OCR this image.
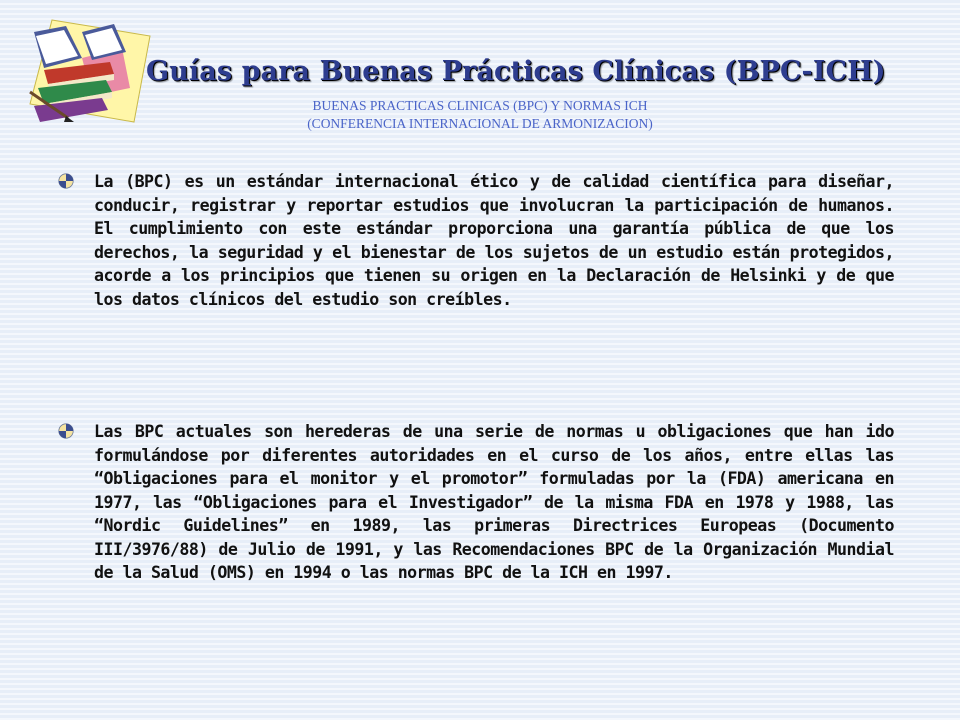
Guías para Buenas Prácticas Clínicas (BPC-ICH)
BUENAS PRACTICAS CLINICAS (BPC) Y NORMAS ICH
(CONFERENCIA INTERNACIONAL DE ARMONIZACION)

La (BPC) es un estándar internacional ético y de calidad científica para diseñar, conducir, registrar y reportar estudios que involucran la participación de humanos. El cumplimiento con este estándar proporciona una garantía pública de que los derechos, la seguridad y el bienestar de los sujetos de un estudio están protegidos, acorde a los principios que tienen su origen en la Declaración de Helsinki y de que los datos clínicos del estudio son creíbles.

Las BPC actuales son herederas de una serie de normas u obligaciones que han ido formulándose por diferentes autoridades en el curso de los años, entre ellas las “Obligaciones para el monitor y el promotor” formuladas por la (FDA) americana en 1977, las “Obligaciones para el Investigador” de la misma FDA en 1978 y 1988, las “Nordic Guidelines” en 1989, las primeras Directrices Europeas (Documento III/3976/88) de Julio de 1991, y las Recomendaciones BPC de la Organización Mundial de la Salud (OMS) en 1994 o las normas BPC de la ICH en 1997.
